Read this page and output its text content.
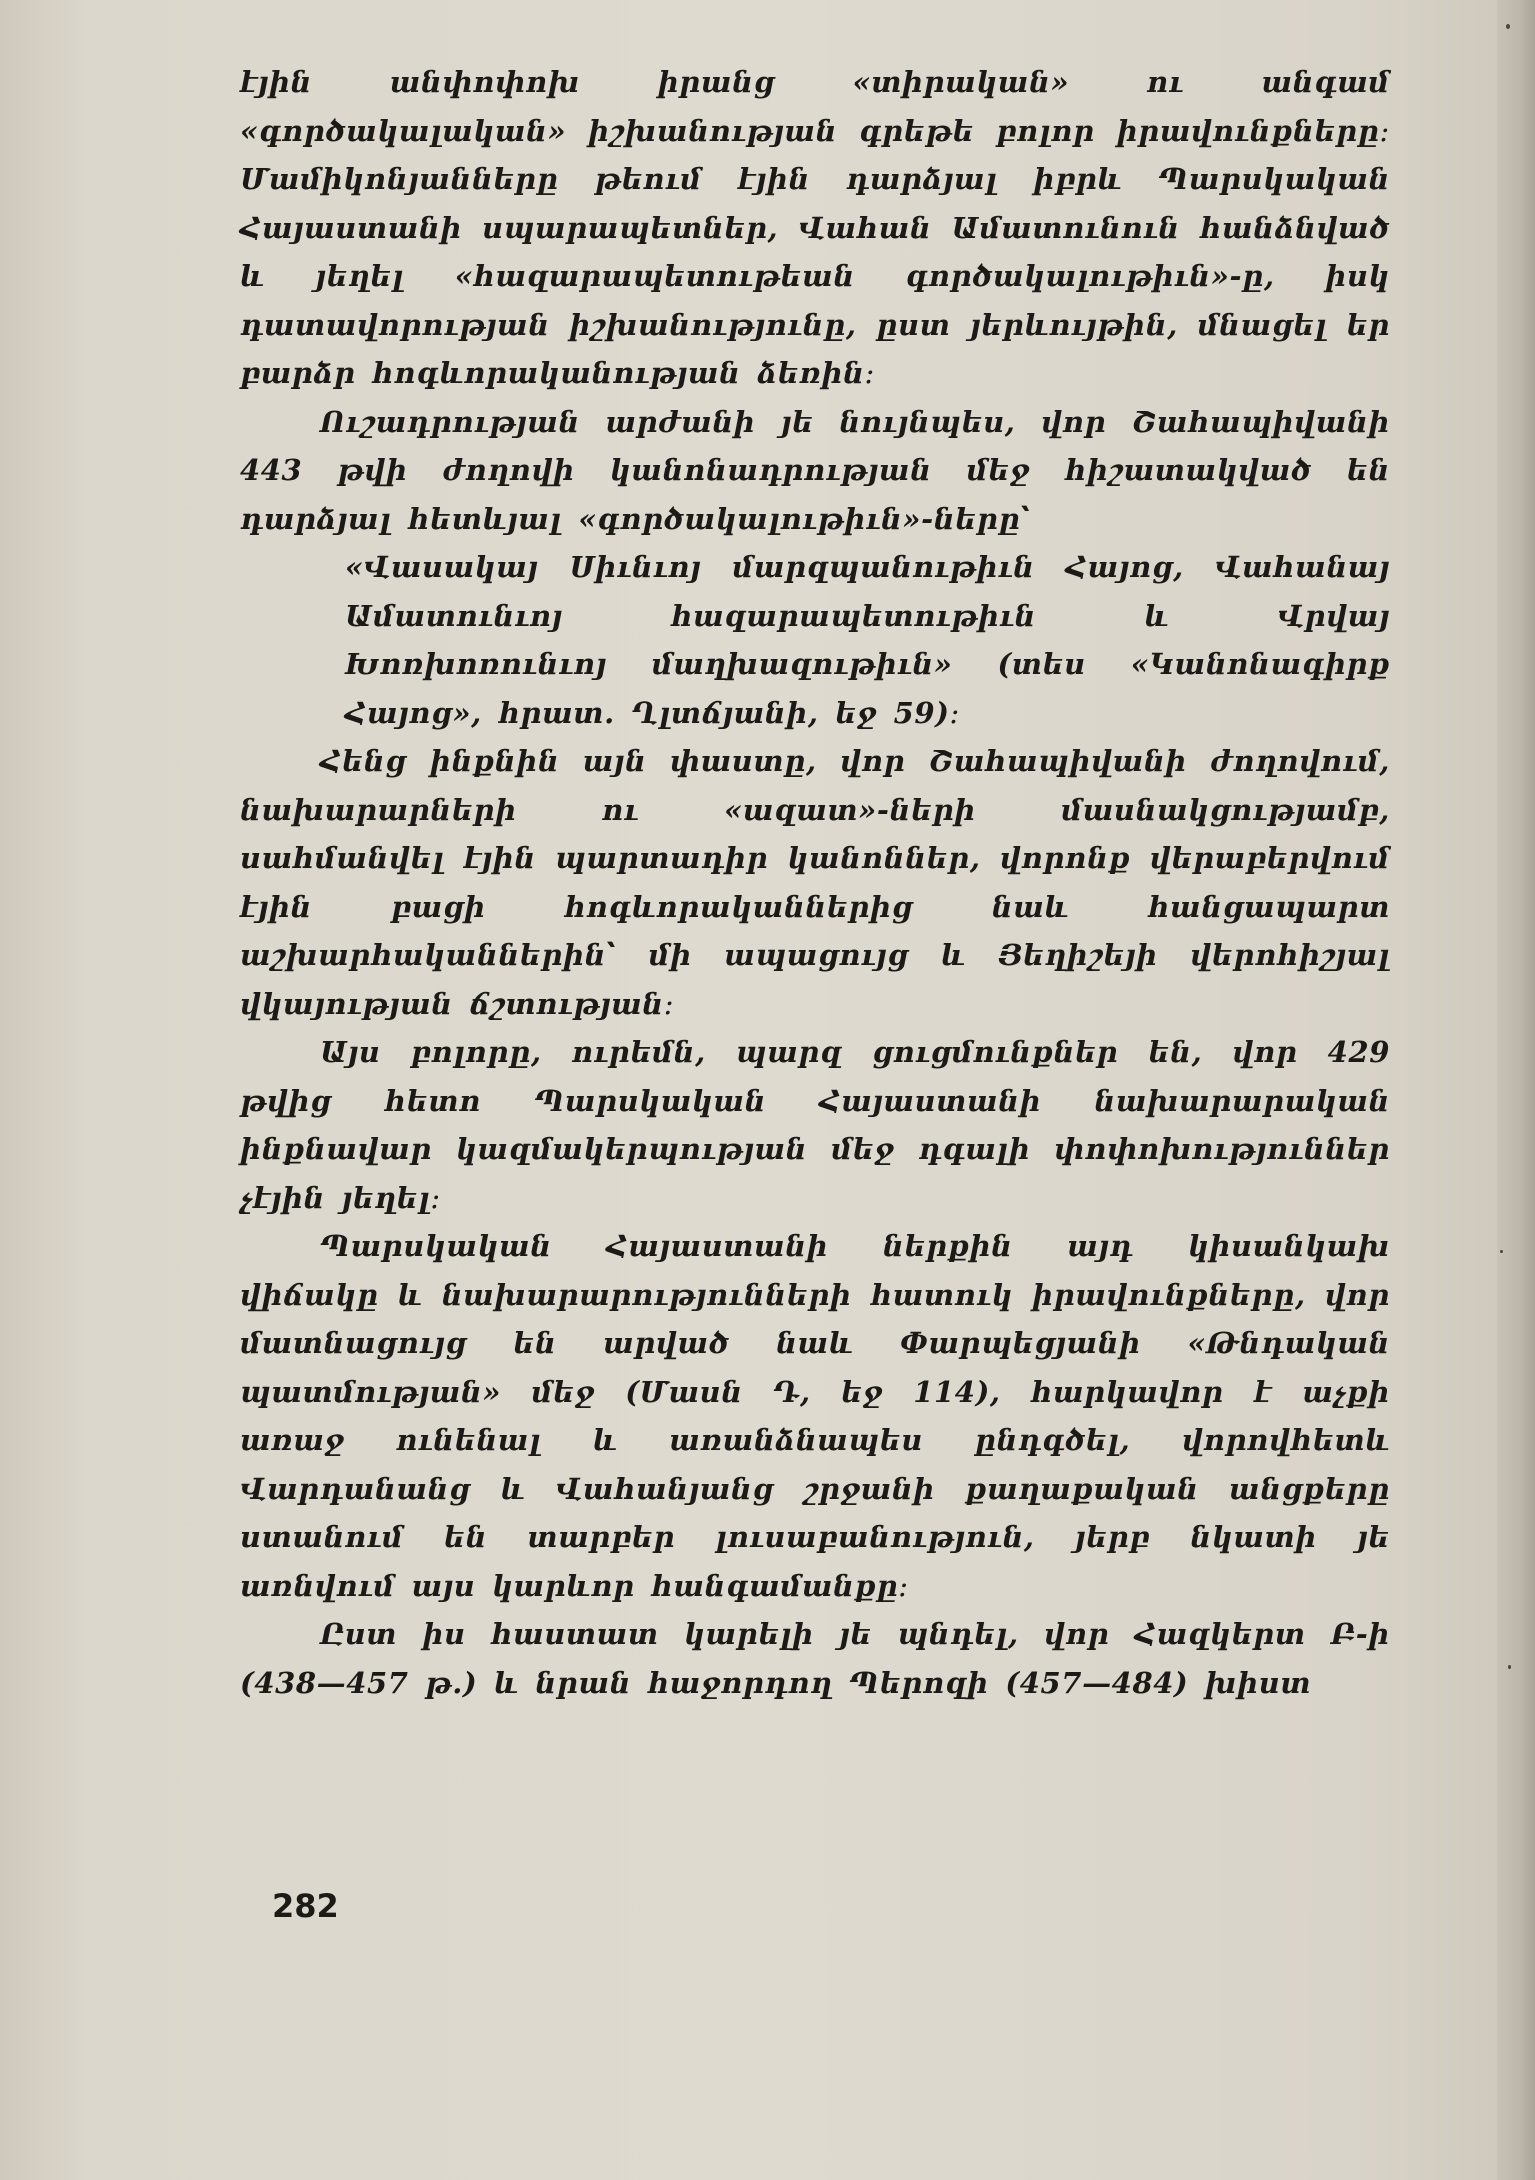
էյին անփոփոխ իրանց «տիրական» ու անգամ «գործակալական» իշխանության գրեթե բոլոր իրավունքները։ Մամիկոնյանները թեում էյին դարձյալ իբրև Պարսկական Հայաստանի սպարապետներ, Վահան Ամատունուն հանձնված և յեղել «հազարապետութեան գործակալութիւն»-ը, իսկ դատավորության իշխանությունը, ըստ յերևույթին, մնացել եր բարձր հոգևորականության ձեռին։

Ուշադրության արժանի յե նույնպես, վոր Շահապիվանի 443 թվի ժողովի կանոնադրության մեջ հիշատակված են դարձյալ հետևյալ «գործակալութիւն»-ները՝

«Վասակայ Սիւնւոյ մարզպանութիւն Հայոց, Վահանայ Ամատունւոյ հազարապետութիւն և Վրվայ Խոռխոռունւոյ մաղխազութիւն» (տես «Կանոնագիրք Հայոց», հրատ. Ղլտճյանի, եջ 59)։

Հենց ինքնին այն փաստը, վոր Շահապիվանի ժողովում, նախարարների ու «ազատ»-ների մասնակցությամբ, սահմանվել էյին պարտադիր կանոններ, վորոնք վերաբերվում էյին բացի հոգևորականներից նաև հանցապարտ աշխարհականներին՝ մի ապացույց և Յեղիշեյի վերոհիշյալ վկայության ճշտության։

Այս բոլորը, ուրեմն, պարզ ցուցմունքներ են, վոր 429 թվից հետո Պարսկական Հայաստանի նախարարական ինքնավար կազմակերպության մեջ դգալի փոփոխություններ չէյին յեղել։

Պարսկական Հայաստանի ներքին այդ կիսանկախ վիճակը և նախարարությունների հատուկ իրավունքները, վոր մատնացույց են արված նաև Փարպեցյանի «Թնդական պատմության» մեջ (Մասն Դ, եջ 114), հարկավոր է աչքի առաջ ունենալ և առանձնապես ընդգծել, վորովհետև Վարդանանց և Վահանյանց շրջանի քաղաքական անցքերը ստանում են տարբեր լուսաբանություն, յերբ նկատի յե առնվում այս կարևոր հանգամանքը։

Ըստ իս հաստատ կարելի յե պնդել, վոր Հազկերտ Բ-ի (438—457 թ.) և նրան հաջորդող Պերոզի (457—484) խիստ

282
